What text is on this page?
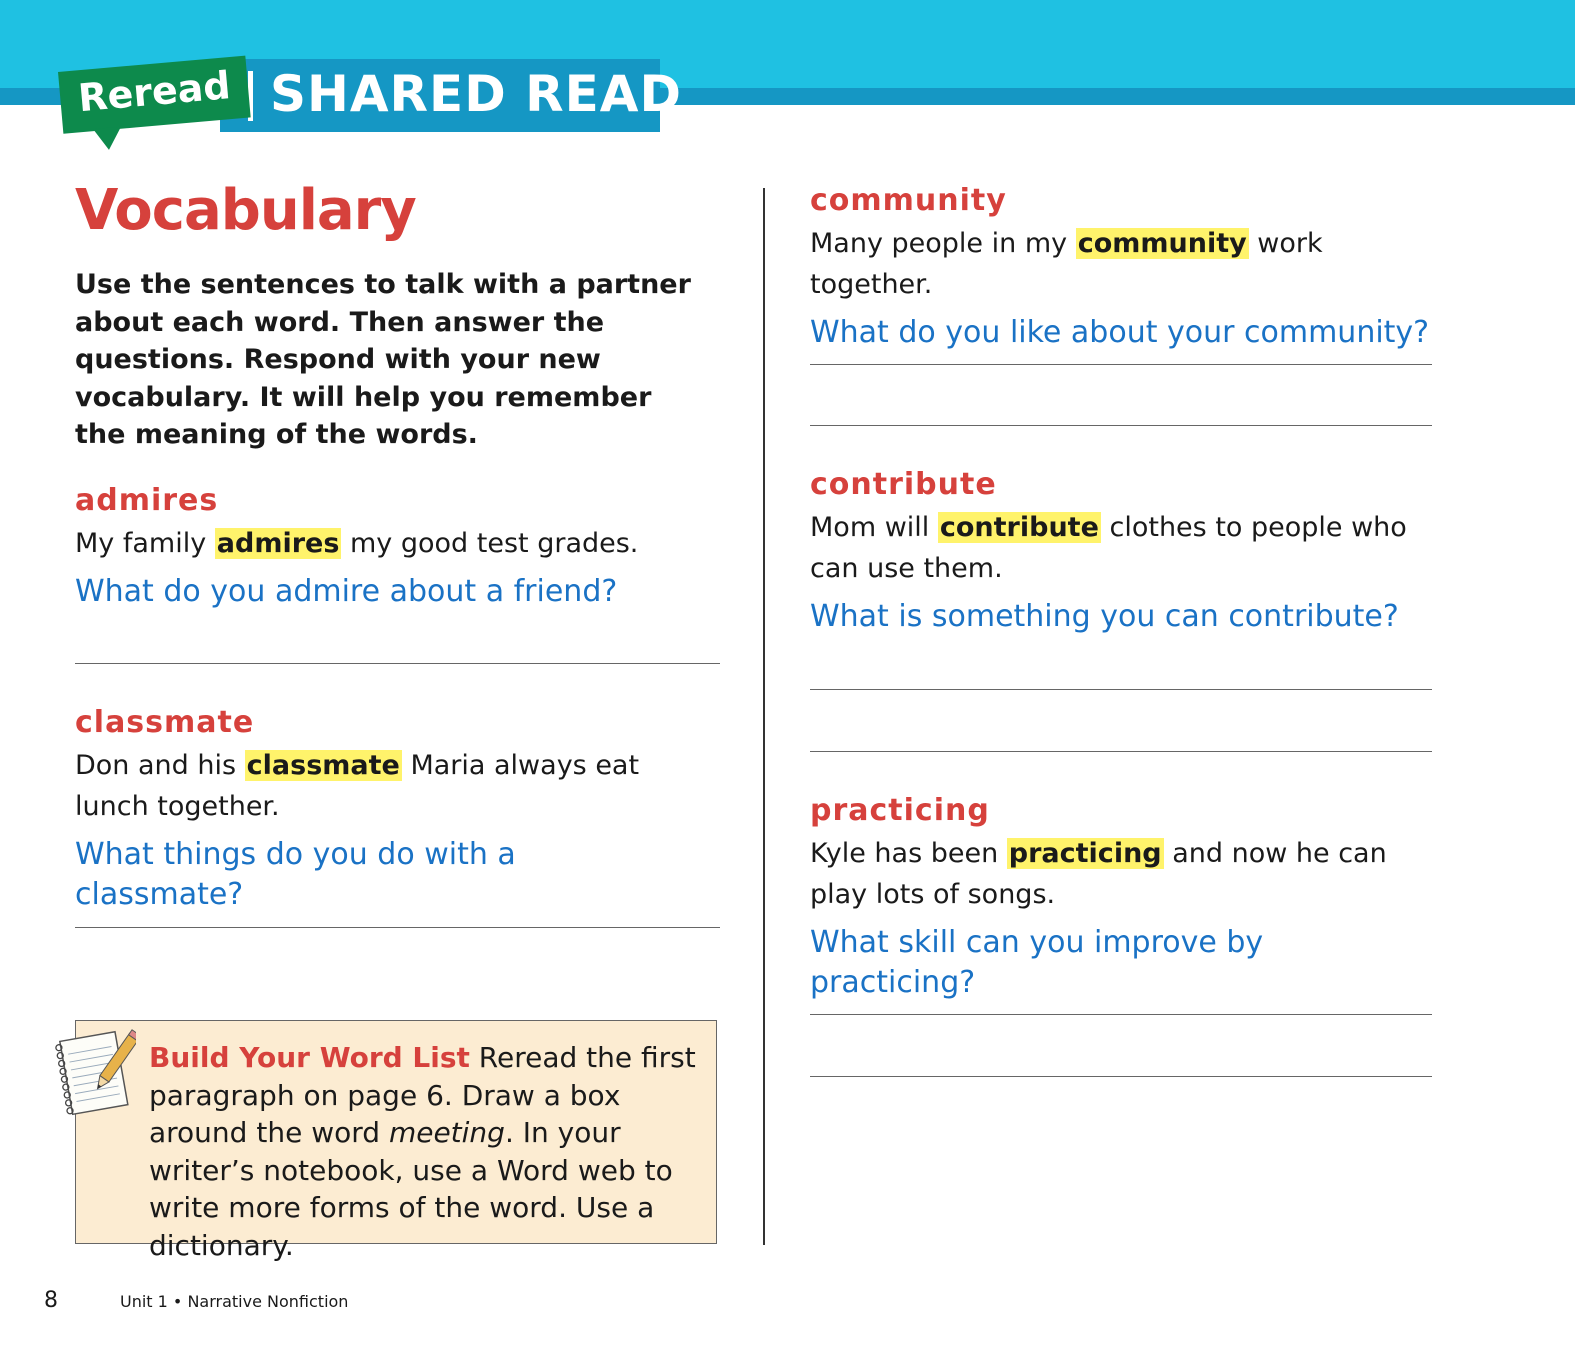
SHARED READ
Reread
Vocabulary
Use the sentences to talk with a partner about each word. Then answer the questions. Respond with your new vocabulary. It will help you remember the meaning of the words.
admires
My family admires my good test grades.
What do you admire about a friend?
classmate
Don and his classmate Maria always eat lunch together.
What things do you do with a classmate?
community
Many people in my community work together.
What do you like about your community?
contribute
Mom will contribute clothes to people who can use them.
What is something you can contribute?
practicing
Kyle has been practicing and now he can play lots of songs.
What skill can you improve by practicing?
Build Your Word List Reread the first paragraph on page 6. Draw a box around the word meeting. In your writer’s notebook, use a Word web to write more forms of the word. Use a dictionary.
8	Unit 1 • Narrative Nonfiction
